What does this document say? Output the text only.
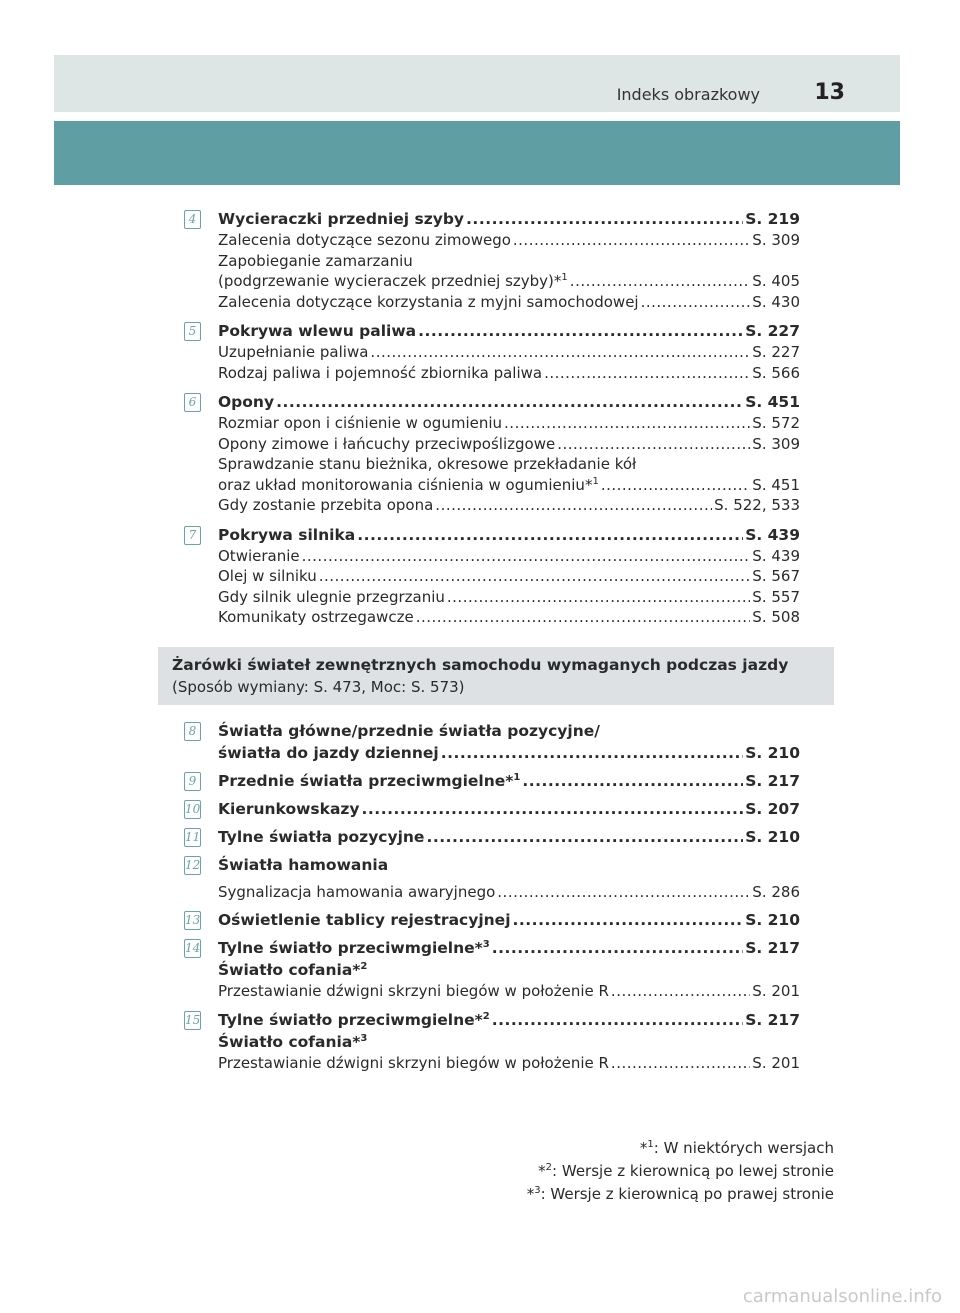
Indeks obrazkowy 13
4	Wycieraczki przedniej szyby .....	S. 219
Zalecenia dotyczące sezonu zimowego .....	S. 309
Zapobieganie zamarzaniu
(podgrzewanie wycieraczek przedniej szyby)*$^1$ .....	S. 405
Zalecenia dotyczące korzystania z myjni samochodowej .....	S. 430
5	Pokrywa wlewu paliwa .....	S. 227
Uzupełnianie paliwa .....	S. 227
Rodzaj paliwa i pojemność zbiornika paliwa .....	S. 566
6	Opony .....	S. 451
Rozmiar opon i ciśnienie w ogumieniu .....	S. 572
Opony zimowe i łańcuchy przeciwpoślizgowe .....	S. 309
Sprawdzanie stanu bieżnika, okresowe przekładanie kół
oraz układ monitorowania ciśnienia w ogumieniu*$^1$ .....	S. 451
Gdy zostanie przebita opona .....	S. 522, 533
7	Pokrywa silnika .....	S. 439
Otwieranie .....	S. 439
Olej w silniku .....	S. 567
Gdy silnik ulegnie przegrzaniu .....	S. 557
Komunikaty ostrzegawcze .....	S. 508
Żarówki świateł zewnętrznych samochodu wymaganych podczas jazdy
(Sposób wymiany: S. 473, Moc: S. 573)
8	Światła główne/przednie światła pozycyjne/
światła do jazdy dziennej .....	S. 210
9	Przednie światła przeciwmgielne*$^1$ .....	S. 217
10 Kierunkowskazy .....	S. 207
11 Tylne światła pozycyjne .....	S. 210
12 Światła hamowania
Sygnalizacja hamowania awaryjnego .....	S. 286
13 Oświetlenie tablicy rejestracyjnej .....	S. 210
14 Tylne światło przeciwmgielne*$^3$ .....	S. 217
Światło cofania*$^2$
Przestawianie dźwigni skrzyni biegów w położenie R .....	S. 201
15 Tylne światło przeciwmgielne*$^2$ .....	S. 217
Światło cofania*$^3$
Przestawianie dźwigni skrzyni biegów w położenie R .....	S. 201
*$^1$: W niektórych wersjach
*$^2$: Wersje z kierownicą po lewej stronie
*$^3$: Wersje z kierownicą po prawej stronie
carmanualsonline.info
